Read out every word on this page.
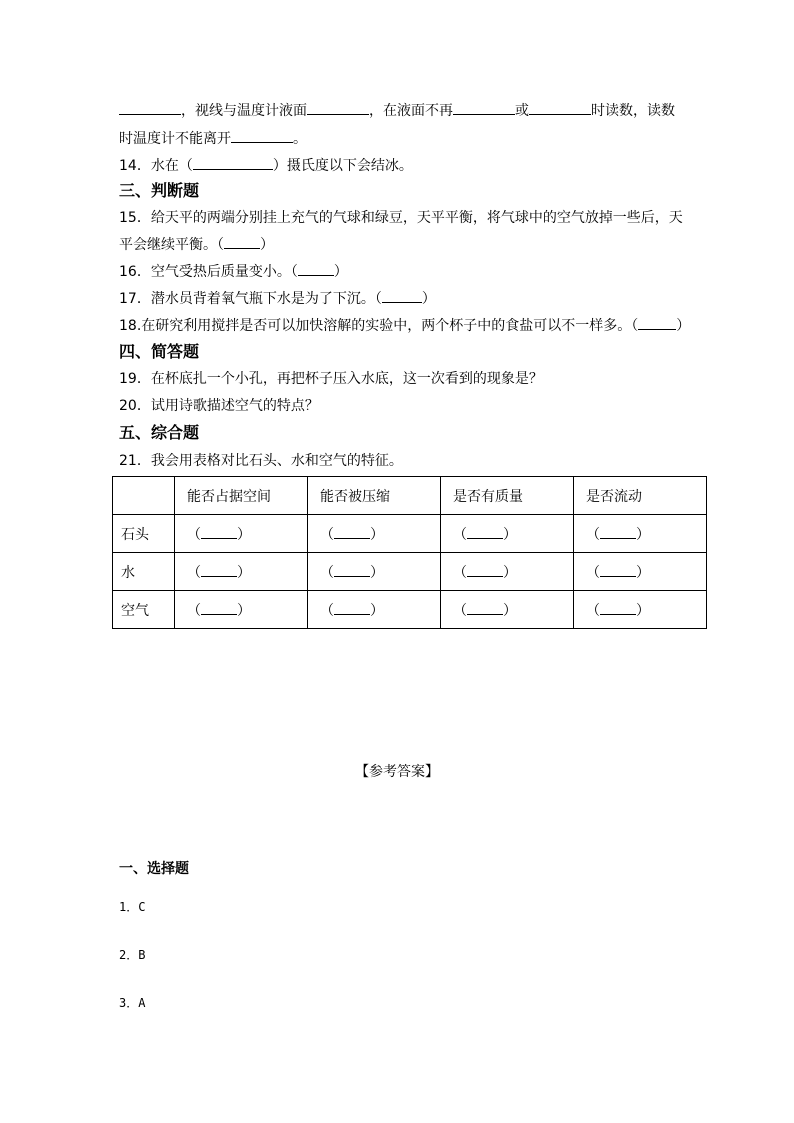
，视线与温度计液面	，在液面不再	或	时读数，读数
时温度计不能离开	。
14．水在（	）摄氏度以下会结冰。
三、判断题
15．给天平的两端分别挂上充气的气球和绿豆，天平平衡，将气球中的空气放掉一些后，天
平会继续平衡。（	）
16．空气受热后质量变小。（	）
17．潜水员背着氧气瓶下水是为了下沉。（	）
18.在研究利用搅拌是否可以加快溶解的实验中，两个杯子中的食盐可以不一样多。（	）
四、简答题
19．在杯底扎一个小孔，再把杯子压入水底，这一次看到的现象是？
20．试用诗歌描述空气的特点？
五、综合题
21．我会用表格对比石头、水和空气的特征。
	能否占据空间	能否被压缩	是否有质量	是否流动
石头	（ ）	（ ）	（ ）	（ ）
水	（ ）	（ ）	（ ）	（ ）
空气	（ ）	（ ）	（ ）	（ ）
【参考答案】
一、选择题
1．C
2．B
3．A
